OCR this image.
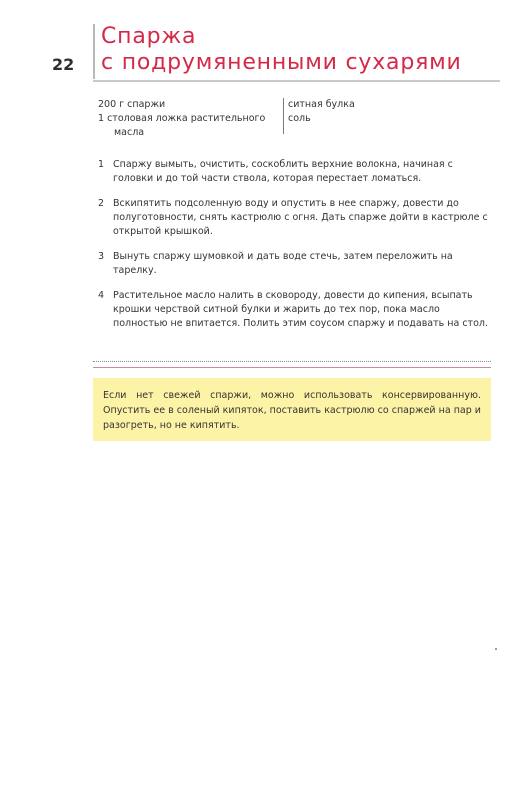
22
Спаржа
с подрумяненными сухарями
200 г спаржи
1 столовая ложка растительного
масла
ситная булка
соль
1 Спаржу вымыть, очистить, соскоблить верхние волокна, начиная с головки и до той части ствола, которая перестает ломаться.
2 Вскипятить подсоленную воду и опустить в нее спаржу, довести до полуготовности, снять кастрюлю с огня. Дать спарже дойти в кастрюле с открытой крышкой.
3 Вынуть спаржу шумовкой и дать воде стечь, затем переложить на тарелку.
4 Растительное масло налить в сковороду, довести до кипения, всыпать крошки черствой ситной булки и жарить до тех пор, пока масло полностью не впитается. Полить этим соусом спаржу и подавать на стол.
Если нет свежей спаржи, можно использовать консервированную. Опустить ее в соленый кипяток, поставить кастрюлю со спаржей на пар и разогреть, но не кипятить.
